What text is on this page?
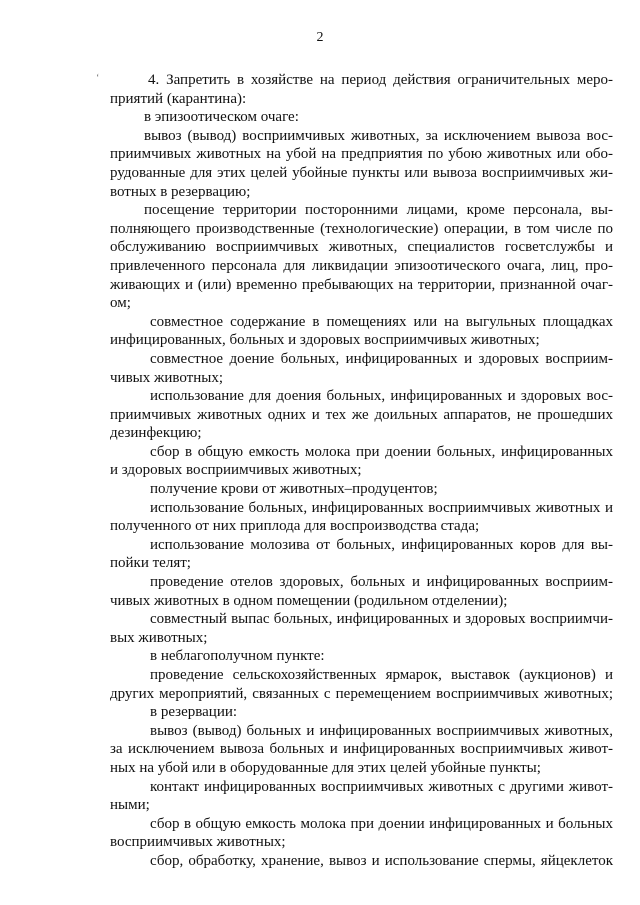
2
‘	4. Запретить в хозяйстве на период действия ограничительных меро-
приятий (карантина):
в эпизоотическом очаге:
вывоз (вывод) восприимчивых животных, за исключением вывоза вос-
приимчивых животных на убой на предприятия по убою животных или обо-
рудованные для этих целей убойные пункты или вывоза восприимчивых жи-
вотных в резервацию;
посещение территории посторонними лицами, кроме персонала, вы-
полняющего производственные (технологические) операции, в том числе по
обслуживанию восприимчивых животных, специалистов госветслужбы и
привлеченного персонала для ликвидации эпизоотического очага, лиц, про-
живающих и (или) временно пребывающих на территории, признанной очаг-
ом;
совместное содержание в помещениях или на выгульных площадках
инфицированных, больных и здоровых восприимчивых животных;
совместное доение больных, инфицированных и здоровых восприим-
чивых животных;
использование для доения больных, инфицированных и здоровых вос-
приимчивых животных одних и тех же доильных аппаратов, не прошедших
дезинфекцию;
сбор в общую емкость молока при доении больных, инфицированных
и здоровых восприимчивых животных;
получение крови от животных–продуцентов;
использование больных, инфицированных восприимчивых животных и
полученного от них приплода для воспроизводства стада;
использование молозива от больных, инфицированных коров для вы-
пойки телят;
проведение отелов здоровых, больных и инфицированных восприим-
чивых животных в одном помещении (родильном отделении);
совместный выпас больных, инфицированных и здоровых восприимчи-
вых животных;
в неблагополучном пункте:
проведение сельскохозяйственных ярмарок, выставок (аукционов) и
других мероприятий, связанных с перемещением восприимчивых животных;
в резервации:
вывоз (вывод) больных и инфицированных восприимчивых животных,
за исключением вывоза больных и инфицированных восприимчивых живот-
ных на убой или в оборудованные для этих целей убойные пункты;
контакт инфицированных восприимчивых животных с другими живот-
ными;
сбор в общую емкость молока при доении инфицированных и больных
восприимчивых животных;
сбор, обработку, хранение, вывоз и использование спермы, яйцеклеток
